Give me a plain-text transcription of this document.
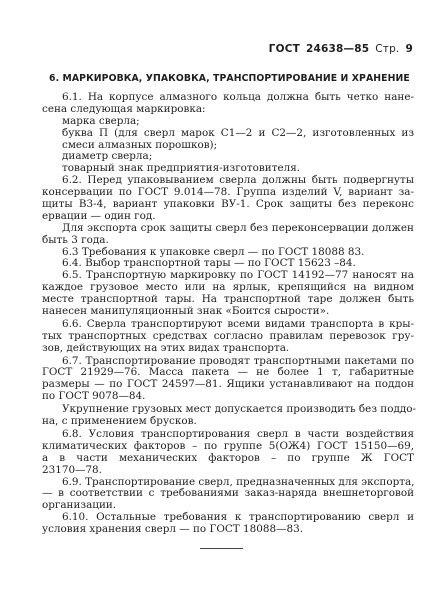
ГОСТ 24638—85 Стр. 9
6. МАРКИРОВКА, УПАКОВКА, ТРАНСПОРТИРОВАНИЕ И ХРАНЕНИЕ
6.1. На корпусе алмазного кольца должна быть четко нане-
сена следующая маркировка:
марка сверла;
буква П (для сверл марок С1—2 и С2—2, изготовленных из
смеси алмазных порошков);
диаметр сверла;
товарный знак предприятия-изготовителя.
6.2. Перед упаковыванием сверла должны быть подвергнуты
консервации по ГОСТ 9.014—78. Группа изделий V, вариант за-
щиты В3-4, вариант упаковки ВУ-1. Срок защиты без переконс
ервации — один год.
Для экспорта срок защиты сверл без переконсервации должен
быть 3 года.
6.3 Требования к упаковке сверл — по ГОСТ 18088 83.
6.4. Выбор транспортной тары — по ГОСТ 15623 –84.
6.5. Транспортную маркировку по ГОСТ 14192—77 наносят на
каждое грузовое место или на ярлык, крепящийся на видном
месте транспортной тары. На транспортной таре должен быть
нанесен манипуляционный знак «Боится сырости».
6.6. Сверла транспортируют всеми видами транспорта в кры-
тых транспортных средствах согласно правилам перевозок гру-
зов, действующих на этих видах транспорта.
6.7. Транспортирование проводят транспортными пакетами по
ГОСТ 21929—76. Масса пакета — не более 1 т, габаритные
размеры — по ГОСТ 24597—81. Ящики устанавливают на поддон
по ГОСТ 9078—84.
Укрупнение грузовых мест допускается производить без поддо-
на, с применением брусков.
6.8. Условия транспортирования сверл в части воздействия
климатических факторов – по группе 5(ОЖ4) ГОСТ 15150—69,
а в части механических факторов – по группе Ж ГОСТ
23170—78.
6.9. Транспортирование сверл, предназначенных для экспорта,
— в соответствии с требованиями заказ-наряда внешнеторговой
организации.
6.10. Остальные требования к транспортированию сверл и
условия хранения сверл — по ГОСТ 18088—83.
